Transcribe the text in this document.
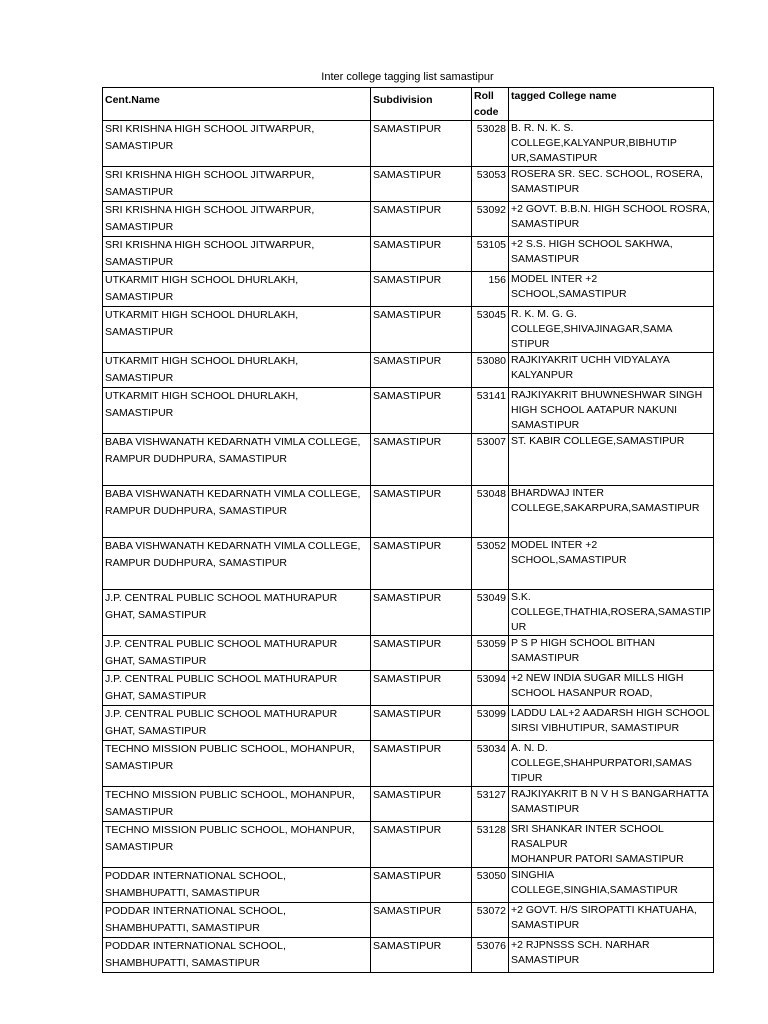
Inter college tagging list samastipur
Cent.Name	Subdivision	Roll
code	tagged College name
SRI KRISHNA HIGH SCHOOL JITWARPUR,
SAMASTIPUR	SAMASTIPUR	53028	B. R. N. K. S. COLLEGE,KALYANPUR,BIBHUTIP
UR,SAMASTIPUR
SRI KRISHNA HIGH SCHOOL JITWARPUR,
SAMASTIPUR	SAMASTIPUR	53053	ROSERA SR. SEC. SCHOOL, ROSERA,
SAMASTIPUR
SRI KRISHNA HIGH SCHOOL JITWARPUR,
SAMASTIPUR	SAMASTIPUR	53092	+2 GOVT. B.B.N. HIGH SCHOOL ROSRA,
SAMASTIPUR
SRI KRISHNA HIGH SCHOOL JITWARPUR,
SAMASTIPUR	SAMASTIPUR	53105	+2 S.S. HIGH SCHOOL SAKHWA,
SAMASTIPUR
UTKARMIT HIGH SCHOOL DHURLAKH,
SAMASTIPUR	SAMASTIPUR	156	MODEL INTER +2 SCHOOL,SAMASTIPUR
UTKARMIT HIGH SCHOOL DHURLAKH,
SAMASTIPUR	SAMASTIPUR	53045	R. K. M. G. G. COLLEGE,SHIVAJINAGAR,SAMA
STIPUR
UTKARMIT HIGH SCHOOL DHURLAKH,
SAMASTIPUR	SAMASTIPUR	53080	RAJKIYAKRIT UCHH VIDYALAYA
KALYANPUR
UTKARMIT HIGH SCHOOL DHURLAKH,
SAMASTIPUR	SAMASTIPUR	53141	RAJKIYAKRIT BHUWNESHWAR SINGH
HIGH SCHOOL AATAPUR NAKUNI
SAMASTIPUR
BABA VISHWANATH KEDARNATH VIMLA COLLEGE,
RAMPUR DUDHPURA, SAMASTIPUR	SAMASTIPUR	53007	ST. KABIR COLLEGE,SAMASTIPUR
BABA VISHWANATH KEDARNATH VIMLA COLLEGE,
RAMPUR DUDHPURA, SAMASTIPUR	SAMASTIPUR	53048	BHARDWAJ INTER
COLLEGE,SAKARPURA,SAMASTIPUR
BABA VISHWANATH KEDARNATH VIMLA COLLEGE,
RAMPUR DUDHPURA, SAMASTIPUR	SAMASTIPUR	53052	MODEL INTER +2 SCHOOL,SAMASTIPUR
J.P. CENTRAL PUBLIC SCHOOL MATHURAPUR
GHAT, SAMASTIPUR	SAMASTIPUR	53049	S.K. COLLEGE,THATHIA,ROSERA,SAMASTIP
UR
J.P. CENTRAL PUBLIC SCHOOL MATHURAPUR
GHAT, SAMASTIPUR	SAMASTIPUR	53059	P S P HIGH SCHOOL BITHAN SAMASTIPUR
J.P. CENTRAL PUBLIC SCHOOL MATHURAPUR
GHAT, SAMASTIPUR	SAMASTIPUR	53094	+2 NEW INDIA SUGAR MILLS HIGH
SCHOOL HASANPUR ROAD,
J.P. CENTRAL PUBLIC SCHOOL MATHURAPUR
GHAT, SAMASTIPUR	SAMASTIPUR	53099	LADDU LAL+2 AADARSH HIGH SCHOOL
SIRSI VIBHUTIPUR, SAMASTIPUR
TECHNO MISSION PUBLIC SCHOOL, MOHANPUR,
SAMASTIPUR	SAMASTIPUR	53034	A. N. D. COLLEGE,SHAHPURPATORI,SAMAS
TIPUR
TECHNO MISSION PUBLIC SCHOOL, MOHANPUR,
SAMASTIPUR	SAMASTIPUR	53127	RAJKIYAKRIT B N V H S BANGARHATTA
SAMASTIPUR
TECHNO MISSION PUBLIC SCHOOL, MOHANPUR,
SAMASTIPUR	SAMASTIPUR	53128	SRI SHANKAR INTER SCHOOL RASALPUR
MOHANPUR PATORI SAMASTIPUR
PODDAR INTERNATIONAL SCHOOL,
SHAMBHUPATTI, SAMASTIPUR	SAMASTIPUR	53050	SINGHIA COLLEGE,SINGHIA,SAMASTIPUR
PODDAR INTERNATIONAL SCHOOL,
SHAMBHUPATTI, SAMASTIPUR	SAMASTIPUR	53072	+2 GOVT. H/S SIROPATTI KHATUAHA,
SAMASTIPUR
PODDAR INTERNATIONAL SCHOOL,
SHAMBHUPATTI, SAMASTIPUR	SAMASTIPUR	53076	+2 RJPNSSS SCH. NARHAR SAMASTIPUR
